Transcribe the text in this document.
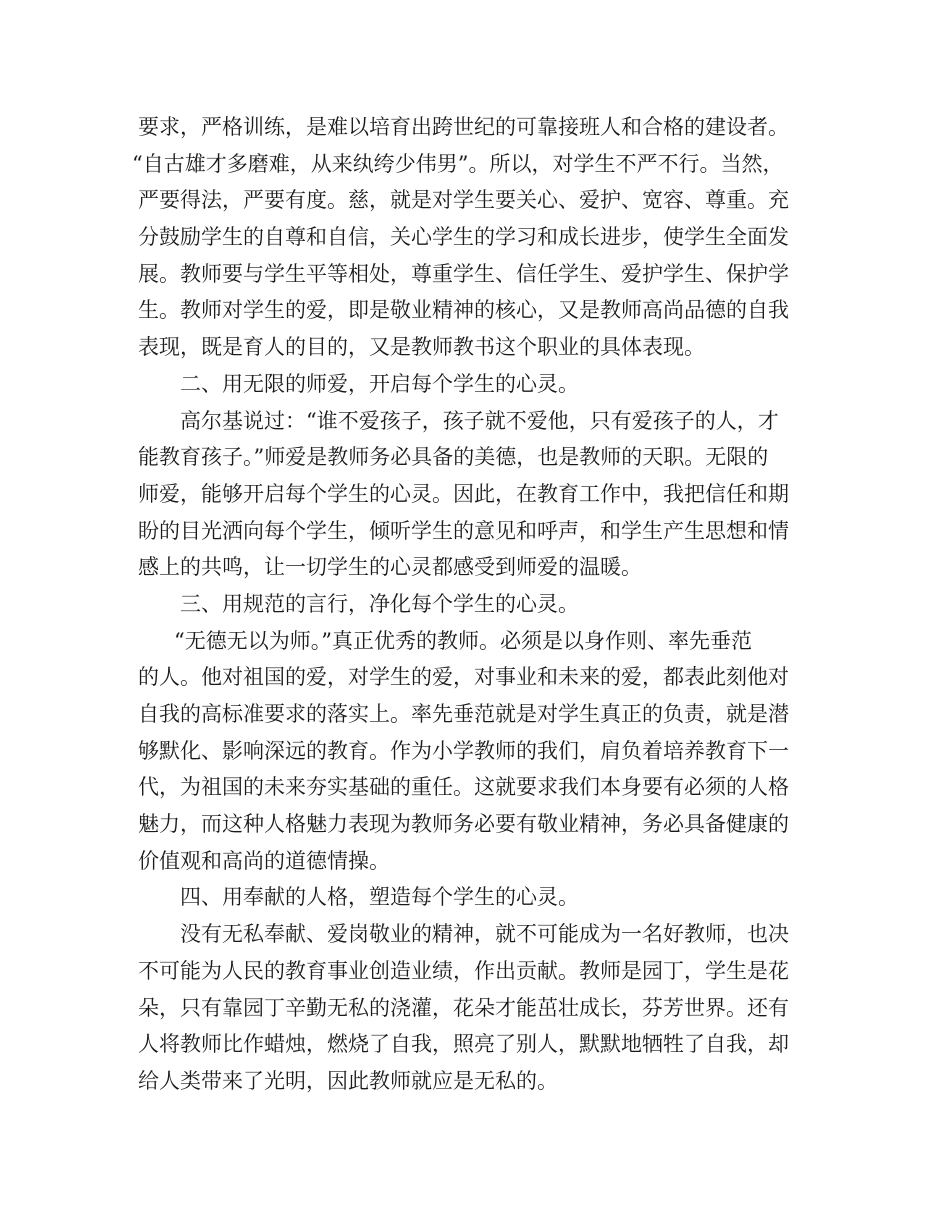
要求，严格训练，是难以培育出跨世纪的可靠接班人和合格的建设者。
“自古雄才多磨难，从来纨绔少伟男”。所以，对学生不严不行。当然，
严要得法，严要有度。慈，就是对学生要关心、爱护、宽容、尊重。充
分鼓励学生的自尊和自信，关心学生的学习和成长进步，使学生全面发
展。教师要与学生平等相处，尊重学生、信任学生、爱护学生、保护学
生。教师对学生的爱，即是敬业精神的核心，又是教师高尚品德的自我
表现，既是育人的目的，又是教师教书这个职业的具体表现。
二、用无限的师爱，开启每个学生的心灵。
高尔基说过：“谁不爱孩子，孩子就不爱他，只有爱孩子的人，才
能教育孩子。”师爱是教师务必具备的美德，也是教师的天职。无限的
师爱，能够开启每个学生的心灵。因此，在教育工作中，我把信任和期
盼的目光洒向每个学生，倾听学生的意见和呼声，和学生产生思想和情
感上的共鸣，让一切学生的心灵都感受到师爱的温暖。
三、用规范的言行，净化每个学生的心灵。
“无德无以为师。”真正优秀的教师。必须是以身作则、率先垂范
的人。他对祖国的爱，对学生的爱，对事业和未来的爱，都表此刻他对
自我的高标准要求的落实上。率先垂范就是对学生真正的负责，就是潜
够默化、影响深远的教育。作为小学教师的我们，肩负着培养教育下一
代，为祖国的未来夯实基础的重任。这就要求我们本身要有必须的人格
魅力，而这种人格魅力表现为教师务必要有敬业精神，务必具备健康的
价值观和高尚的道德情操。
四、用奉献的人格，塑造每个学生的心灵。
没有无私奉献、爱岗敬业的精神，就不可能成为一名好教师，也决
不可能为人民的教育事业创造业绩，作出贡献。教师是园丁，学生是花
朵，只有靠园丁辛勤无私的浇灌，花朵才能茁壮成长，芬芳世界。还有
人将教师比作蜡烛，燃烧了自我，照亮了别人，默默地牺牲了自我，却
给人类带来了光明，因此教师就应是无私的。
